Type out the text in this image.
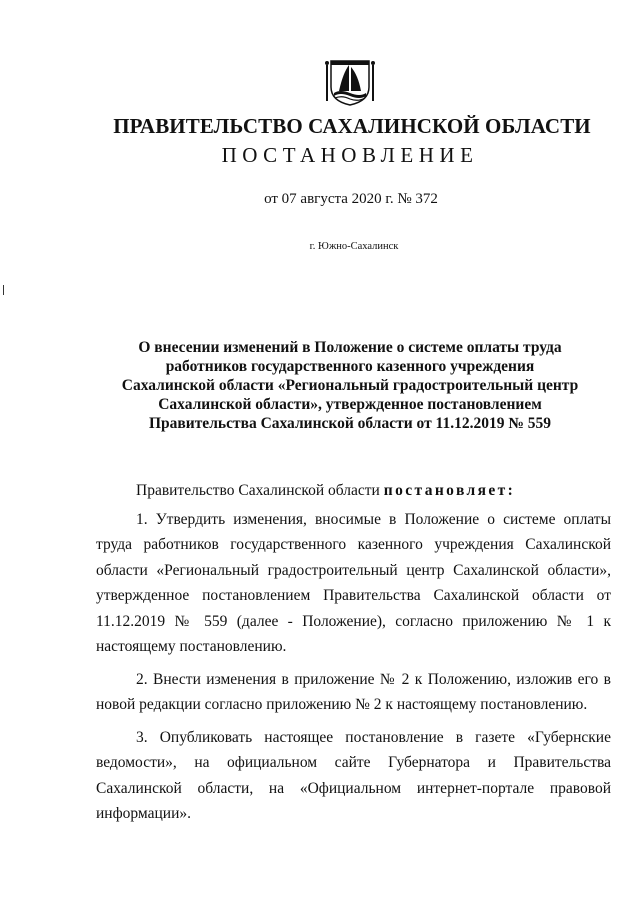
ПРАВИТЕЛЬСТВО САХАЛИНСКОЙ ОБЛАСТИ
ПОСТАНОВЛЕНИЕ
от 07 августа 2020 г. № 372
г. Южно-Сахалинск
О внесении изменений в Положение о системе оплаты труда
работников государственного казенного учреждения
Сахалинской области «Региональный градостроительный центр
Сахалинской области», утвержденное постановлением
Правительства Сахалинской области от 11.12.2019 № 559

Правительство Сахалинской области постановляет:

1. Утвердить изменения, вносимые в Положение о системе оплаты труда работников государственного казенного учреждения Сахалинской области «Региональный градостроительный центр Сахалинской области», утвержденное постановлением Правительства Сахалинской области от 11.12.2019 № 559 (далее - Положение), согласно приложению № 1 к настоящему постановлению.

2. Внести изменения в приложение № 2 к Положению, изложив его в новой редакции согласно приложению № 2 к настоящему постановлению.

3. Опубликовать настоящее постановление в газете «Губернские ведомости», на официальном сайте Губернатора и Правительства Сахалинской области, на «Официальном интернет-портале правовой информации».
